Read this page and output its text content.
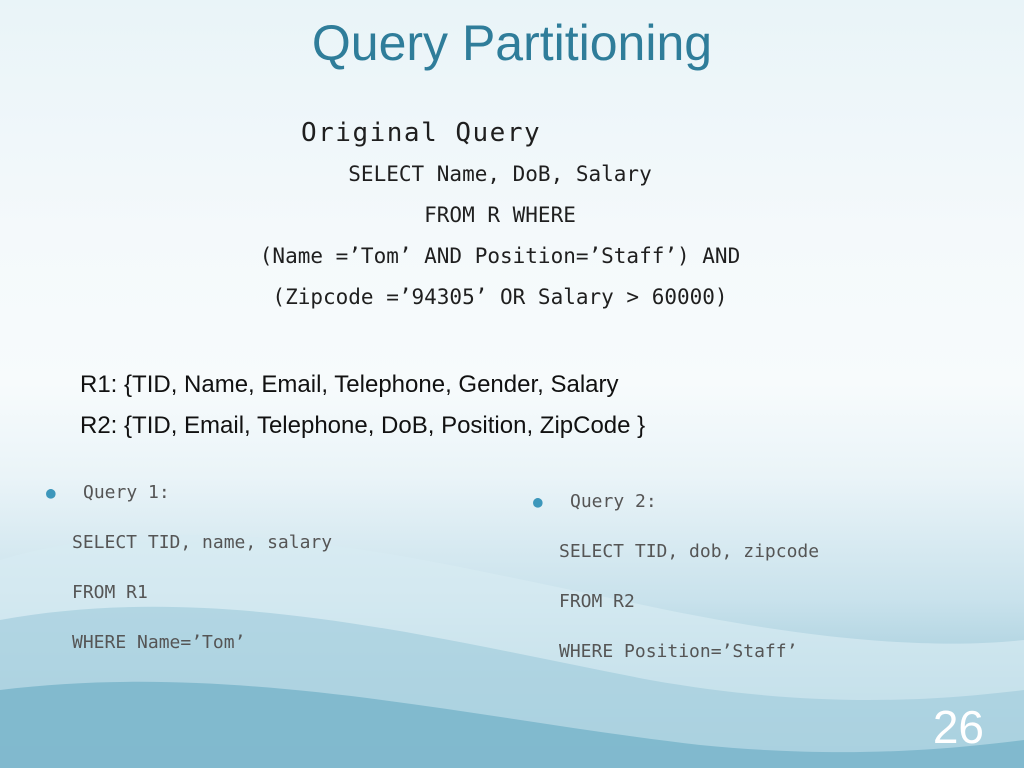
Query Partitioning
Original Query
SELECT Name, DoB, Salary
FROM R WHERE
(Name =’Tom’ AND Position=’Staff’) AND
(Zipcode =’94305’ OR Salary > 60000)
R1: {TID, Name, Email, Telephone, Gender, Salary
R2: {TID, Email, Telephone, DoB, Position, ZipCode }
● Query 1:
SELECT TID, name, salary
FROM R1
WHERE Name=’Tom’
● Query 2:
SELECT TID, dob, zipcode
FROM R2
WHERE Position=’Staff’
26
